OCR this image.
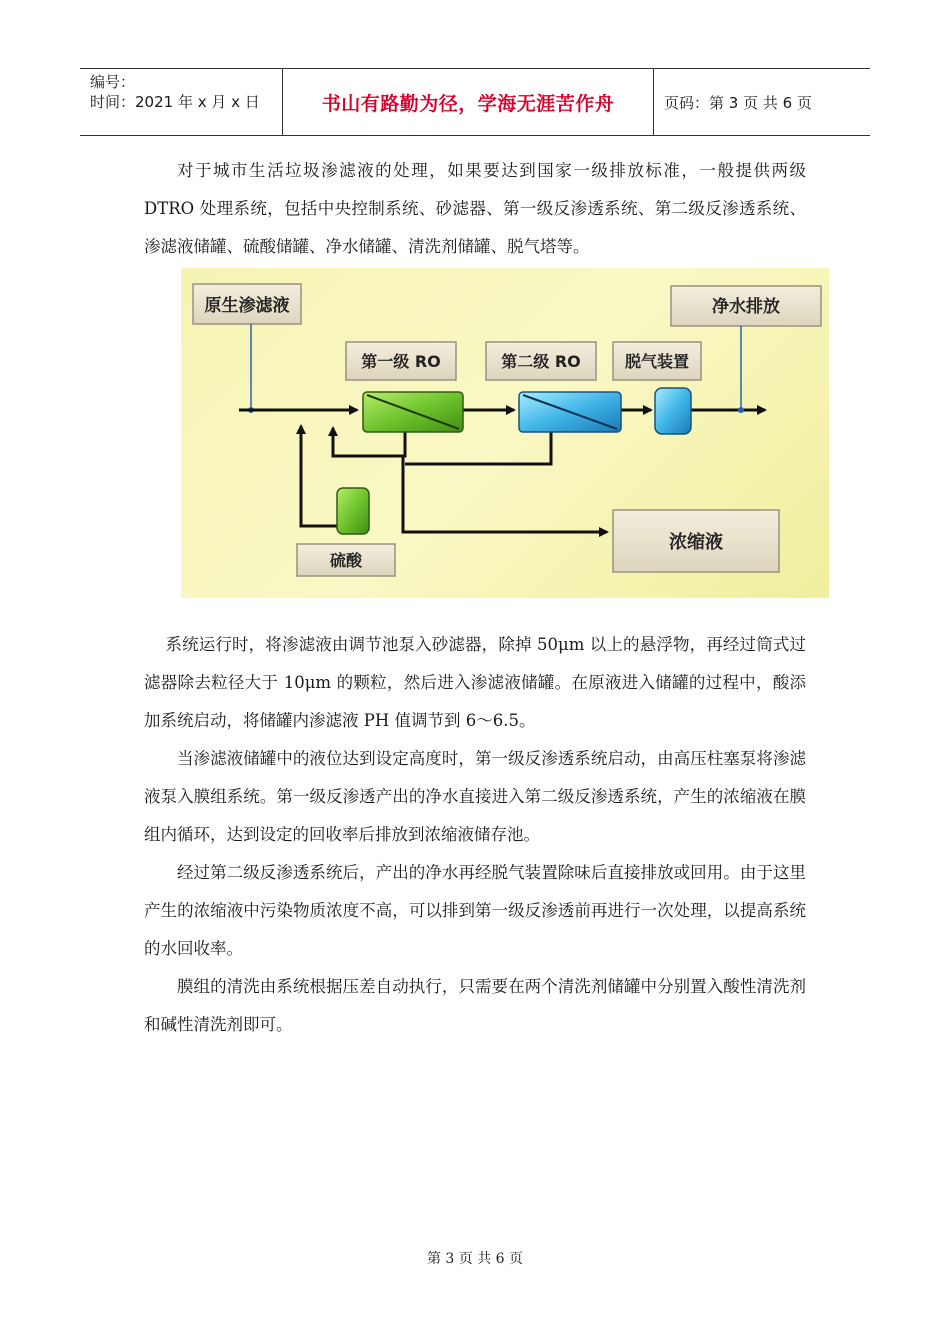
编号：
时间：2021 年 x 月 x 日	书山有路勤为径，学海无涯苦作舟	页码：第 3 页 共 6 页

对于城市生活垃圾渗滤液的处理，如果要达到国家一级排放标准，一般提供两级 DTRO 处理系统，包括中央控制系统、砂滤器、第一级反渗透系统、第二级反渗透系统、渗滤液储罐、硫酸储罐、净水储罐、清洗剂储罐、脱气塔等。

原生渗滤液	净水排放
第一级 RO	第二级 RO	脱气装置
硫酸
浓缩液

系统运行时，将渗滤液由调节池泵入砂滤器，除掉 50μm 以上的悬浮物，再经过筒式过滤器除去粒径大于 10μm 的颗粒，然后进入渗滤液储罐。在原液进入储罐的过程中，酸添加系统启动，将储罐内渗滤液 PH 值调节到 6～6.5。

当渗滤液储罐中的液位达到设定高度时，第一级反渗透系统启动，由高压柱塞泵将渗滤液泵入膜组系统。第一级反渗透产出的净水直接进入第二级反渗透系统，产生的浓缩液在膜组内循环，达到设定的回收率后排放到浓缩液储存池。

经过第二级反渗透系统后，产出的净水再经脱气装置除味后直接排放或回用。由于这里产生的浓缩液中污染物质浓度不高，可以排到第一级反渗透前再进行一次处理，以提高系统的水回收率。

膜组的清洗由系统根据压差自动执行，只需要在两个清洗剂储罐中分别置入酸性清洗剂和碱性清洗剂即可。

第 3 页 共 6 页
